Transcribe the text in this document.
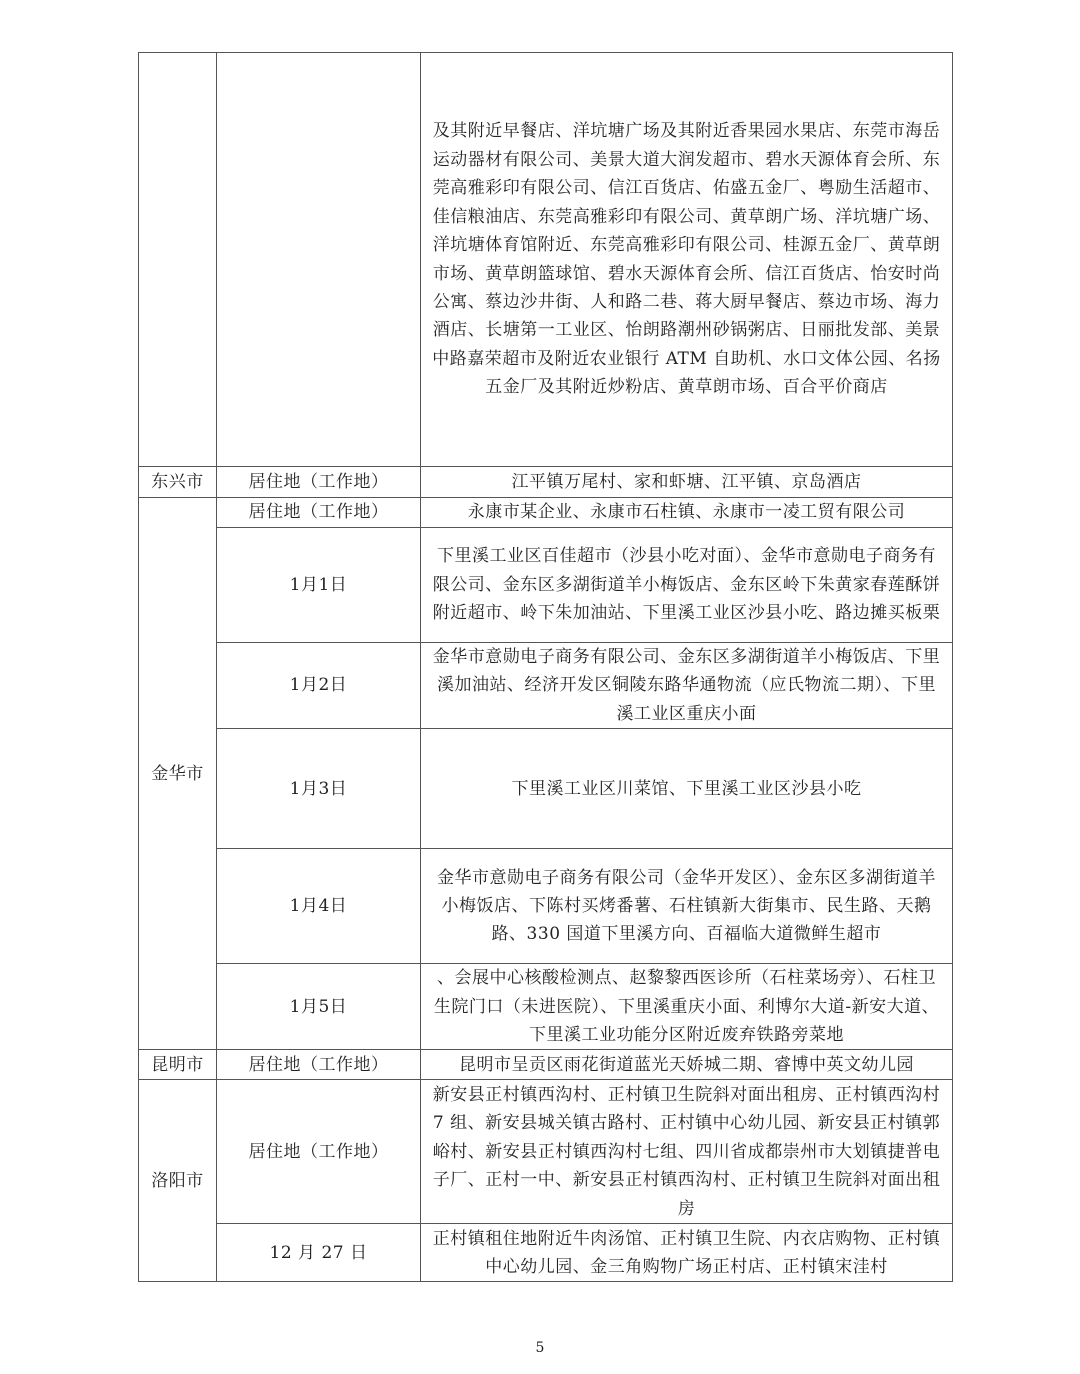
		及其附近早餐店、洋坑塘广场及其附近香果园水果店、东莞市海岳运动器材有限公司、美景大道大润发超市、碧水天源体育会所、东莞高雅彩印有限公司、信江百货店、佑盛五金厂、粤励生活超市、佳信粮油店、东莞高雅彩印有限公司、黄草朗广场、洋坑塘广场、洋坑塘体育馆附近、东莞高雅彩印有限公司、桂源五金厂、黄草朗市场、黄草朗篮球馆、碧水天源体育会所、信江百货店、怡安时尚公寓、蔡边沙井街、人和路二巷、蒋大厨早餐店、蔡边市场、海力酒店、长塘第一工业区、怡朗路潮州砂锅粥店、日丽批发部、美景中路嘉荣超市及附近农业银行 ATM 自助机、水口文体公园、名扬五金厂及其附近炒粉店、黄草朗市场、百合平价商店
东兴市	居住地（工作地）	江平镇万尾村、家和虾塘、江平镇、京岛酒店
金华市	居住地（工作地）	永康市某企业、永康市石柱镇、永康市一凌工贸有限公司
	1月1日	下里溪工业区百佳超市（沙县小吃对面）、金华市意勋电子商务有限公司、金东区多湖街道羊小梅饭店、金东区岭下朱黄家春莲酥饼附近超市、岭下朱加油站、下里溪工业区沙县小吃、路边摊买板栗
	1月2日	金华市意勋电子商务有限公司、金东区多湖街道羊小梅饭店、下里溪加油站、经济开发区铜陵东路华通物流（应氏物流二期）、下里溪工业区重庆小面
	1月3日	下里溪工业区川菜馆、下里溪工业区沙县小吃
	1月4日	金华市意勋电子商务有限公司（金华开发区）、金东区多湖街道羊小梅饭店、下陈村买烤番薯、石柱镇新大街集市、民生路、天鹅路、330 国道下里溪方向、百福临大道微鲜生超市
	1月5日	、会展中心核酸检测点、赵黎黎西医诊所（石柱菜场旁）、石柱卫生院门口（未进医院）、下里溪重庆小面、利博尔大道-新安大道、下里溪工业功能分区附近废弃铁路旁菜地
昆明市	居住地（工作地）	昆明市呈贡区雨花街道蓝光天娇城二期、睿博中英文幼儿园
洛阳市	居住地（工作地）	新安县正村镇西沟村、正村镇卫生院斜对面出租房、正村镇西沟村 7 组、新安县城关镇古路村、正村镇中心幼儿园、新安县正村镇郭峪村、新安县正村镇西沟村七组、四川省成都崇州市大划镇捷普电子厂、正村一中、新安县正村镇西沟村、正村镇卫生院斜对面出租房
	12 月 27 日	正村镇租住地附近牛肉汤馆、正村镇卫生院、内衣店购物、正村镇中心幼儿园、金三角购物广场正村店、正村镇宋洼村
5
